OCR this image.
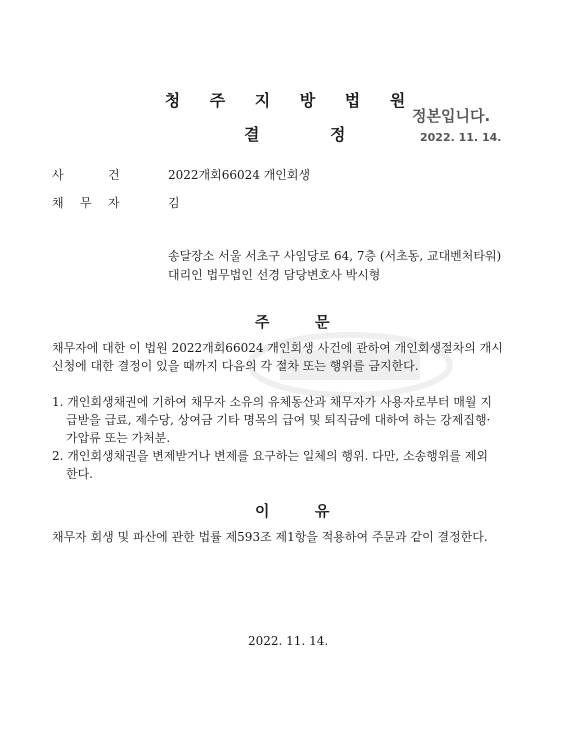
청 주 지 방 법 원
결	정
정본입니다.
2022. 11. 14.
사	건	2022개회66024 개인회생
채 무 자	김
송달장소 서울 서초구 사임당로 64, 7층 (서초동, 교대벤처타워)
대리인 법무법인 선경 담당변호사 박시형
주	문
채무자에 대한 이 법원 2022개회66024 개인회생 사건에 관하여 개인회생절차의 개시
신청에 대한 결정이 있을 때까지 다음의 각 절차 또는 행위를 금지한다.
1. 개인회생채권에 기하여 채무자 소유의 유체동산과 채무자가 사용자로부터 매월 지
급받을 급료, 제수당, 상여금 기타 명목의 급여 및 퇴직금에 대하여 하는 강제집행·
가압류 또는 가처분.
2. 개인회생채권을 변제받거나 변제를 요구하는 일체의 행위. 다만, 소송행위를 제외
한다.
이	유
채무자 회생 및 파산에 관한 법률 제593조 제1항을 적용하여 주문과 같이 결정한다.
2022. 11. 14.
